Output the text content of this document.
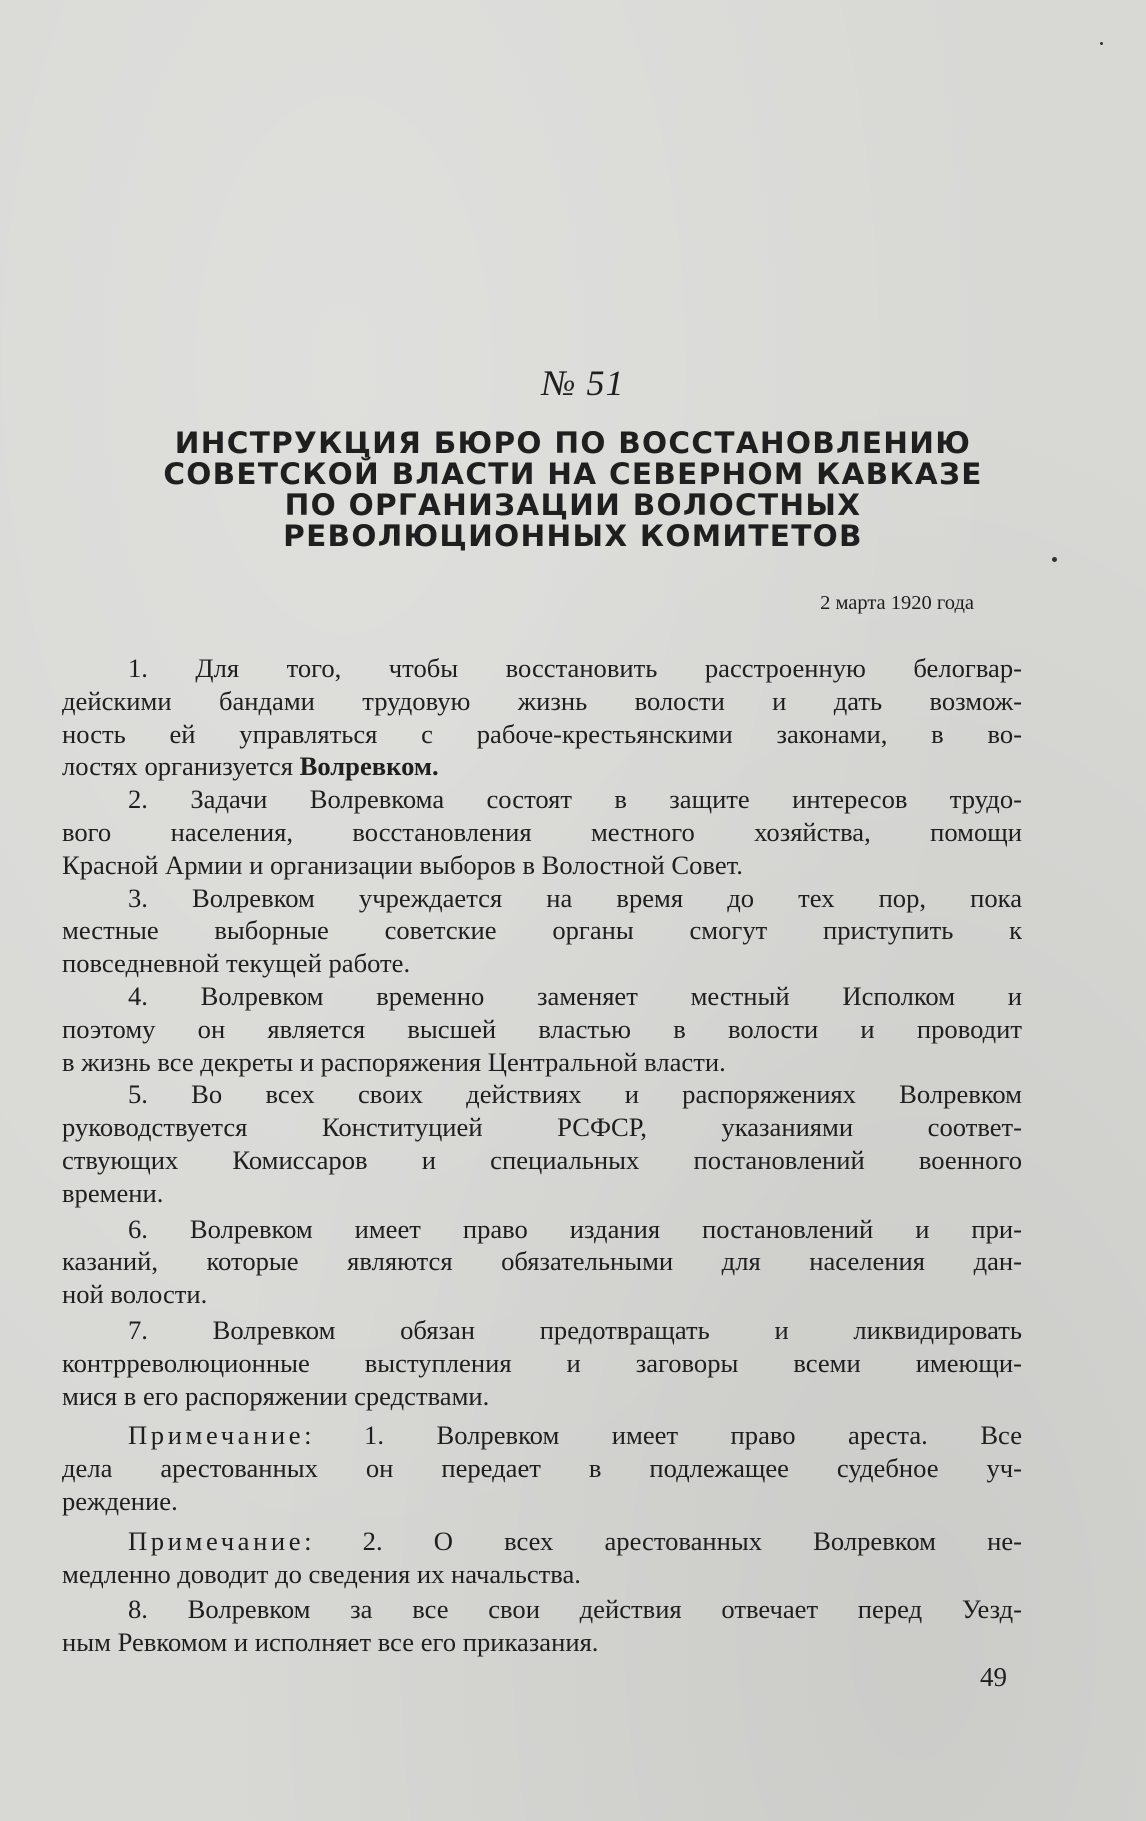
№ 51
ИНСТРУКЦИЯ БЮРО ПО ВОССТАНОВЛЕНИЮ
СОВЕТСКОЙ ВЛАСТИ НА СЕВЕРНОМ КАВКАЗЕ
ПО ОРГАНИЗАЦИИ ВОЛОСТНЫХ
РЕВОЛЮЦИОННЫХ КОМИТЕТОВ
2 марта 1920 года
1. Для того, чтобы восстановить расстроенную белогвар-
дейскими бандами трудовую жизнь волости и дать возмож-
ность ей управляться с рабоче-крестьянскими законами, в во-
лостях организуется Волревком.
2. Задачи Волревкома состоят в защите интересов трудо-
вого населения, восстановления местного хозяйства, помощи
Красной Армии и организации выборов в Волостной Совет.
3. Волревком учреждается на время до тех пор, пока
местные выборные советские органы смогут приступить к
повседневной текущей работе.
4. Волревком временно заменяет местный Исполком и
поэтому он является высшей властью в волости и проводит
в жизнь все декреты и распоряжения Центральной власти.
5. Во всех своих действиях и распоряжениях Волревком
руководствуется Конституцией РСФСР, указаниями соответ-
ствующих Комиссаров и специальных постановлений военного
времени.
6. Волревком имеет право издания постановлений и при-
казаний, которые являются обязательными для населения дан-
ной волости.
7. Волревком обязан предотвращать и ликвидировать
контрреволюционные выступления и заговоры всеми имеющи-
мися в его распоряжении средствами.
Примечание: 1. Волревком имеет право ареста. Все
дела арестованных он передает в подлежащее судебное уч-
реждение.
Примечание: 2. О всех арестованных Волревком не-
медленно доводит до сведения их начальства.
8. Волревком за все свои действия отвечает перед Уезд-
ным Ревкомом и исполняет все его приказания.
49
